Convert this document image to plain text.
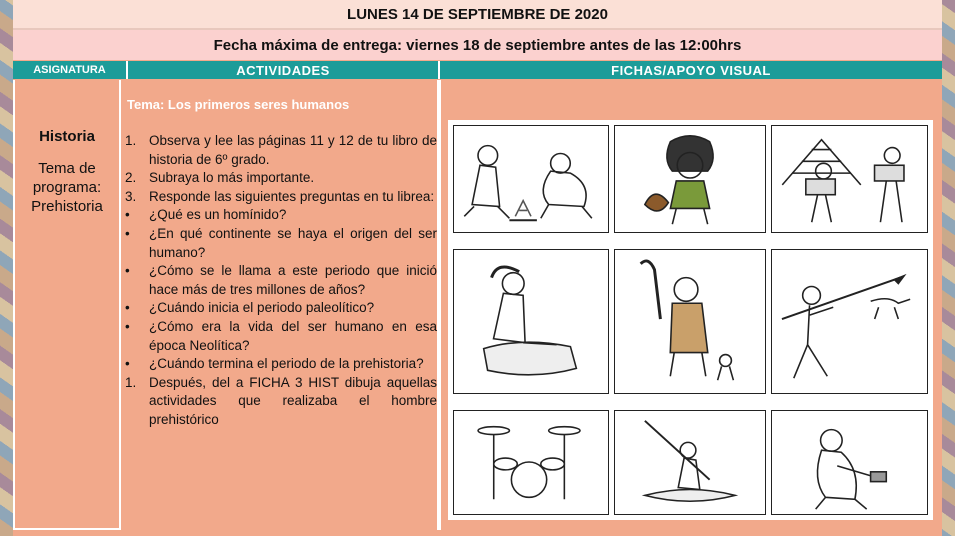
LUNES 14 DE SEPTIEMBRE DE 2020
Fecha máxima de entrega: viernes 18 de septiembre antes de las 12:00hrs
ASIGNATURA	ACTIVIDADES	FICHAS/APOYO VISUAL
Historia
Tema de programa: Prehistoria
Tema: Los primeros seres humanos
1. Observa y lee las páginas 11 y 12 de tu libro de historia de 6º grado.
2. Subraya lo más importante.
3. Responde las siguientes preguntas en tu librea:
•	¿Qué es un homínido?
•	¿En qué continente se haya el origen del ser humano?
•	¿Cómo se le llama a este periodo que inició hace más de tres millones de años?
•	¿Cuándo inicia el periodo paleolítico?
•	¿Cómo era la vida del ser humano en esa época Neolítica?
•	¿Cuándo termina el periodo de la prehistoria?
1. Después, del a FICHA 3 HIST dibuja aquellas actividades que realizaba el hombre prehistórico
